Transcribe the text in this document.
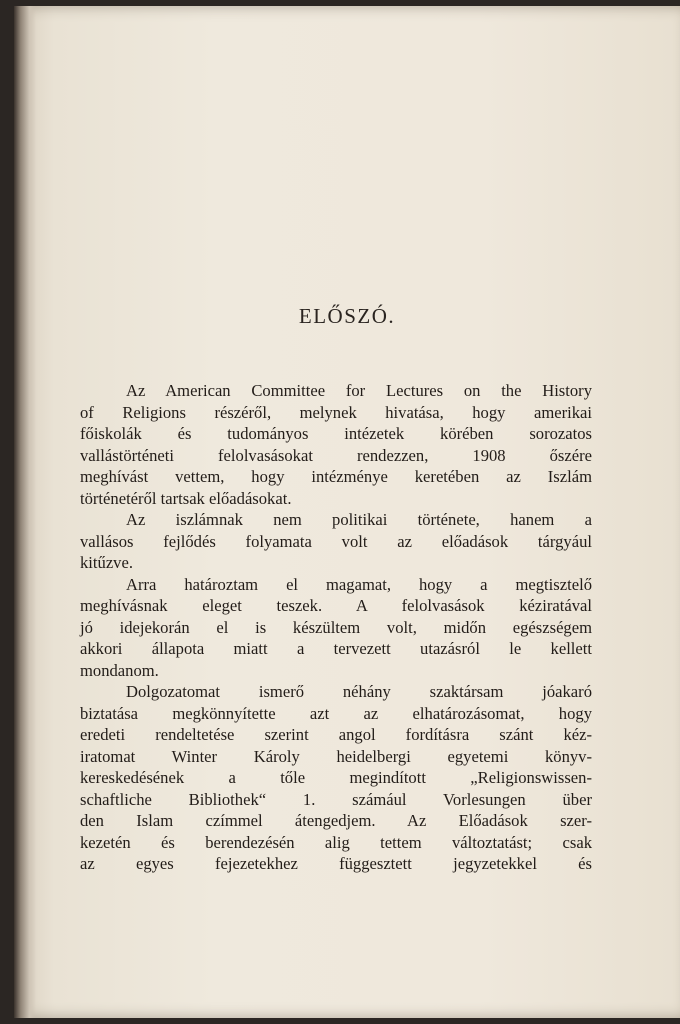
ELŐSZÓ.
Az American Committee for Lectures on the History
of Religions részéről, melynek hivatása, hogy amerikai
főiskolák és tudományos intézetek körében sorozatos
vallástörténeti felolvasásokat rendezzen, 1908 őszére
meghívást vettem, hogy intézménye keretében az Iszlám
történetéről tartsak előadásokat.
Az iszlámnak nem politikai története, hanem a
vallásos fejlődés folyamata volt az előadások tárgyául
kitűzve.
Arra határoztam el magamat, hogy a megtisztelő
meghívásnak eleget teszek. A felolvasások kéziratával
jó idejekorán el is készültem volt, midőn egészségem
akkori állapota miatt a tervezett utazásról le kellett
mondanom.
Dolgozatomat ismerő néhány szaktársam jóakaró
biztatása megkönnyítette azt az elhatározásomat, hogy
eredeti rendeltetése szerint angol fordításra szánt kéz-
iratomat Winter Károly heidelbergi egyetemi könyv-
kereskedésének a tőle megindított „Religionswissen-
schaftliche Bibliothek“ 1. számául Vorlesungen über
den Islam czímmel átengedjem. Az Előadások szer-
kezetén és berendezésén alig tettem változtatást; csak
az egyes fejezetekhez függesztett jegyzetekkel és
